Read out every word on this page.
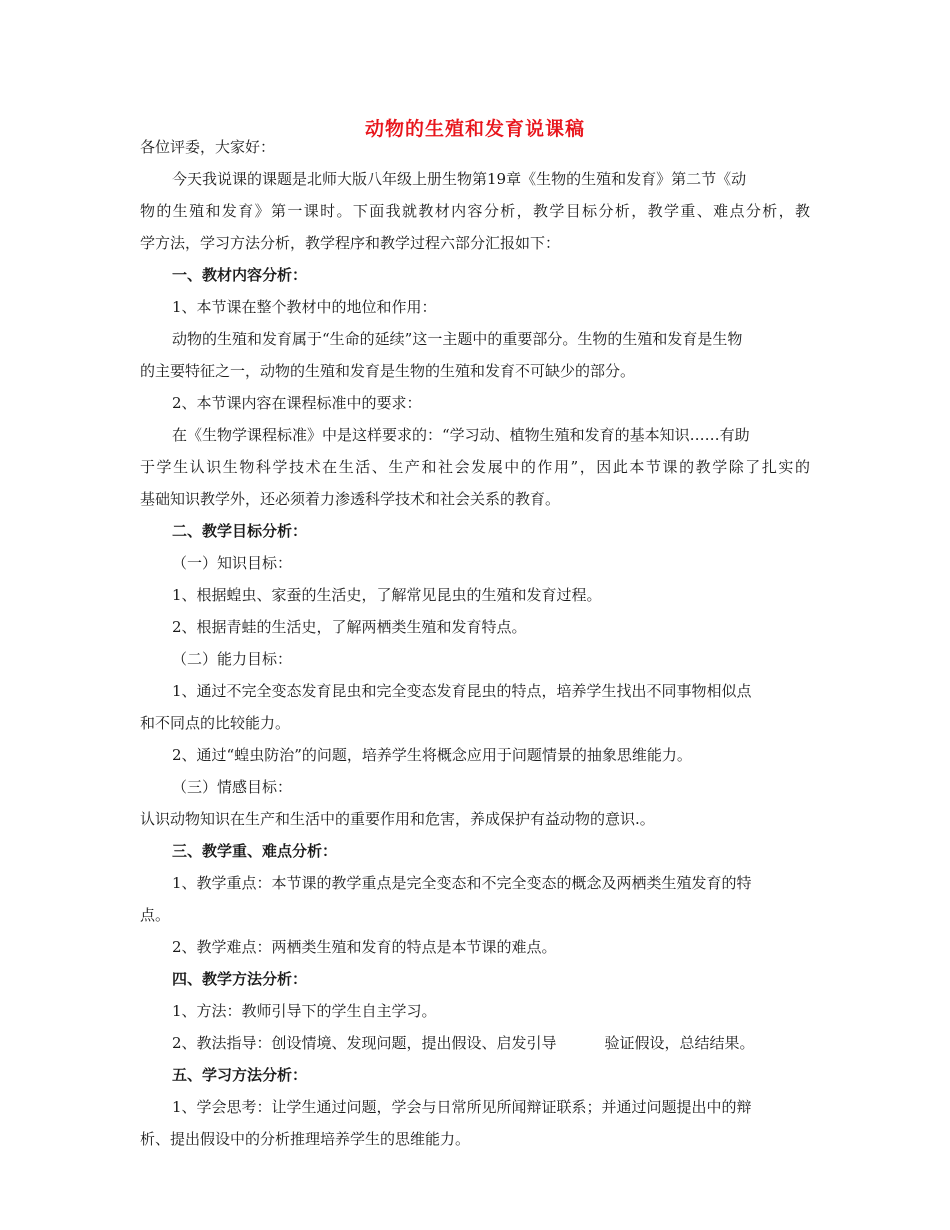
动物的生殖和发育说课稿
各位评委，大家好：
今天我说课的课题是北师大版八年级上册生物第19章《生物的生殖和发育》第二节《动
物的生殖和发育》第一课时。下面我就教材内容分析，教学目标分析，教学重、难点分析，教
学方法，学习方法分析，教学程序和教学过程六部分汇报如下：
一、教材内容分析：
1、本节课在整个教材中的地位和作用：
动物的生殖和发育属于“生命的延续”这一主题中的重要部分。生物的生殖和发育是生物
的主要特征之一，动物的生殖和发育是生物的生殖和发育不可缺少的部分。
2、本节课内容在课程标准中的要求：
在《生物学课程标准》中是这样要求的：“学习动、植物生殖和发育的基本知识……有助
于学生认识生物科学技术在生活、生产和社会发展中的作用”，因此本节课的教学除了扎实的
基础知识教学外，还必须着力渗透科学技术和社会关系的教育。
二、教学目标分析：
（一）知识目标：
1、根据蝗虫、家蚕的生活史，了解常见昆虫的生殖和发育过程。
2、根据青蛙的生活史，了解两栖类生殖和发育特点。
（二）能力目标：
1、通过不完全变态发育昆虫和完全变态发育昆虫的特点，培养学生找出不同事物相似点
和不同点的比较能力。
2、通过“蝗虫防治”的问题，培养学生将概念应用于问题情景的抽象思维能力。
（三）情感目标：
认识动物知识在生产和生活中的重要作用和危害，养成保护有益动物的意识.。
三、教学重、难点分析：
1、教学重点：本节课的教学重点是完全变态和不完全变态的概念及两栖类生殖发育的特
点。
2、教学难点：两栖类生殖和发育的特点是本节课的难点。
四、教学方法分析：
1、方法：教师引导下的学生自主学习。
2、教法指导：创设情境、发现问题，提出假设、启发引导	验证假设，总结结果。
五、学习方法分析：
1、学会思考：让学生通过问题，学会与日常所见所闻辩证联系；并通过问题提出中的辩
析、提出假设中的分析推理培养学生的思维能力。
